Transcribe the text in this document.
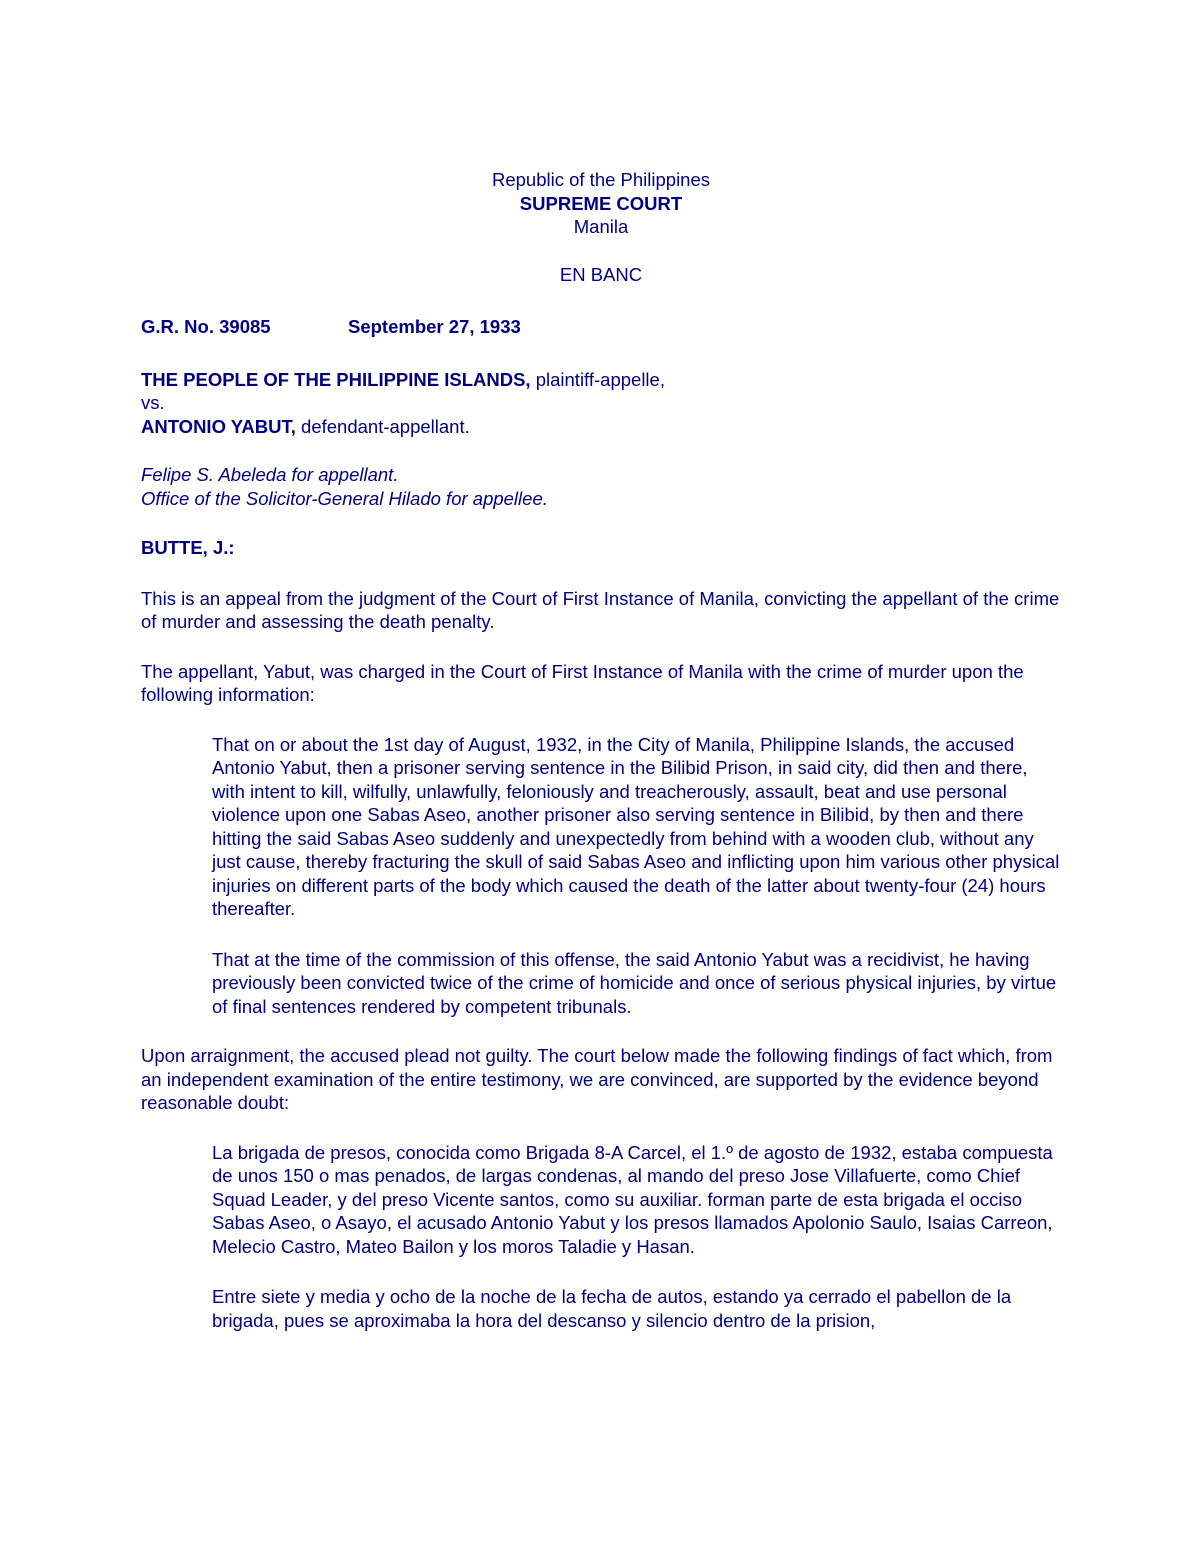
Republic of the Philippines
SUPREME COURT
Manila
EN BANC
G.R. No. 39085	September 27, 1933
THE PEOPLE OF THE PHILIPPINE ISLANDS, plaintiff-appelle,
vs.
ANTONIO YABUT, defendant-appellant.
Felipe S. Abeleda for appellant.
Office of the Solicitor-General Hilado for appellee.
BUTTE, J.:

This is an appeal from the judgment of the Court of First Instance of Manila, convicting the appellant of the crime of murder and assessing the death penalty.

The appellant, Yabut, was charged in the Court of First Instance of Manila with the crime of murder upon the following information:

That on or about the 1st day of August, 1932, in the City of Manila, Philippine Islands, the accused Antonio Yabut, then a prisoner serving sentence in the Bilibid Prison, in said city, did then and there, with intent to kill, wilfully, unlawfully, feloniously and treacherously, assault, beat and use personal violence upon one Sabas Aseo, another prisoner also serving sentence in Bilibid, by then and there hitting the said Sabas Aseo suddenly and unexpectedly from behind with a wooden club, without any just cause, thereby fracturing the skull of said Sabas Aseo and inflicting upon him various other physical injuries on different parts of the body which caused the death of the latter about twenty-four (24) hours thereafter.

That at the time of the commission of this offense, the said Antonio Yabut was a recidivist, he having previously been convicted twice of the crime of homicide and once of serious physical injuries, by virtue of final sentences rendered by competent tribunals.

Upon arraignment, the accused plead not guilty. The court below made the following findings of fact which, from an independent examination of the entire testimony, we are convinced, are supported by the evidence beyond reasonable doubt:

La brigada de presos, conocida como Brigada 8-A Carcel, el 1.º de agosto de 1932, estaba compuesta de unos 150 o mas penados, de largas condenas, al mando del preso Jose Villafuerte, como Chief Squad Leader, y del preso Vicente santos, como su auxiliar. forman parte de esta brigada el occiso Sabas Aseo, o Asayo, el acusado Antonio Yabut y los presos llamados Apolonio Saulo, Isaias Carreon, Melecio Castro, Mateo Bailon y los moros Taladie y Hasan.

Entre siete y media y ocho de la noche de la fecha de autos, estando ya cerrado el pabellon de la brigada, pues se aproximaba la hora del descanso y silencio dentro de la prision,
